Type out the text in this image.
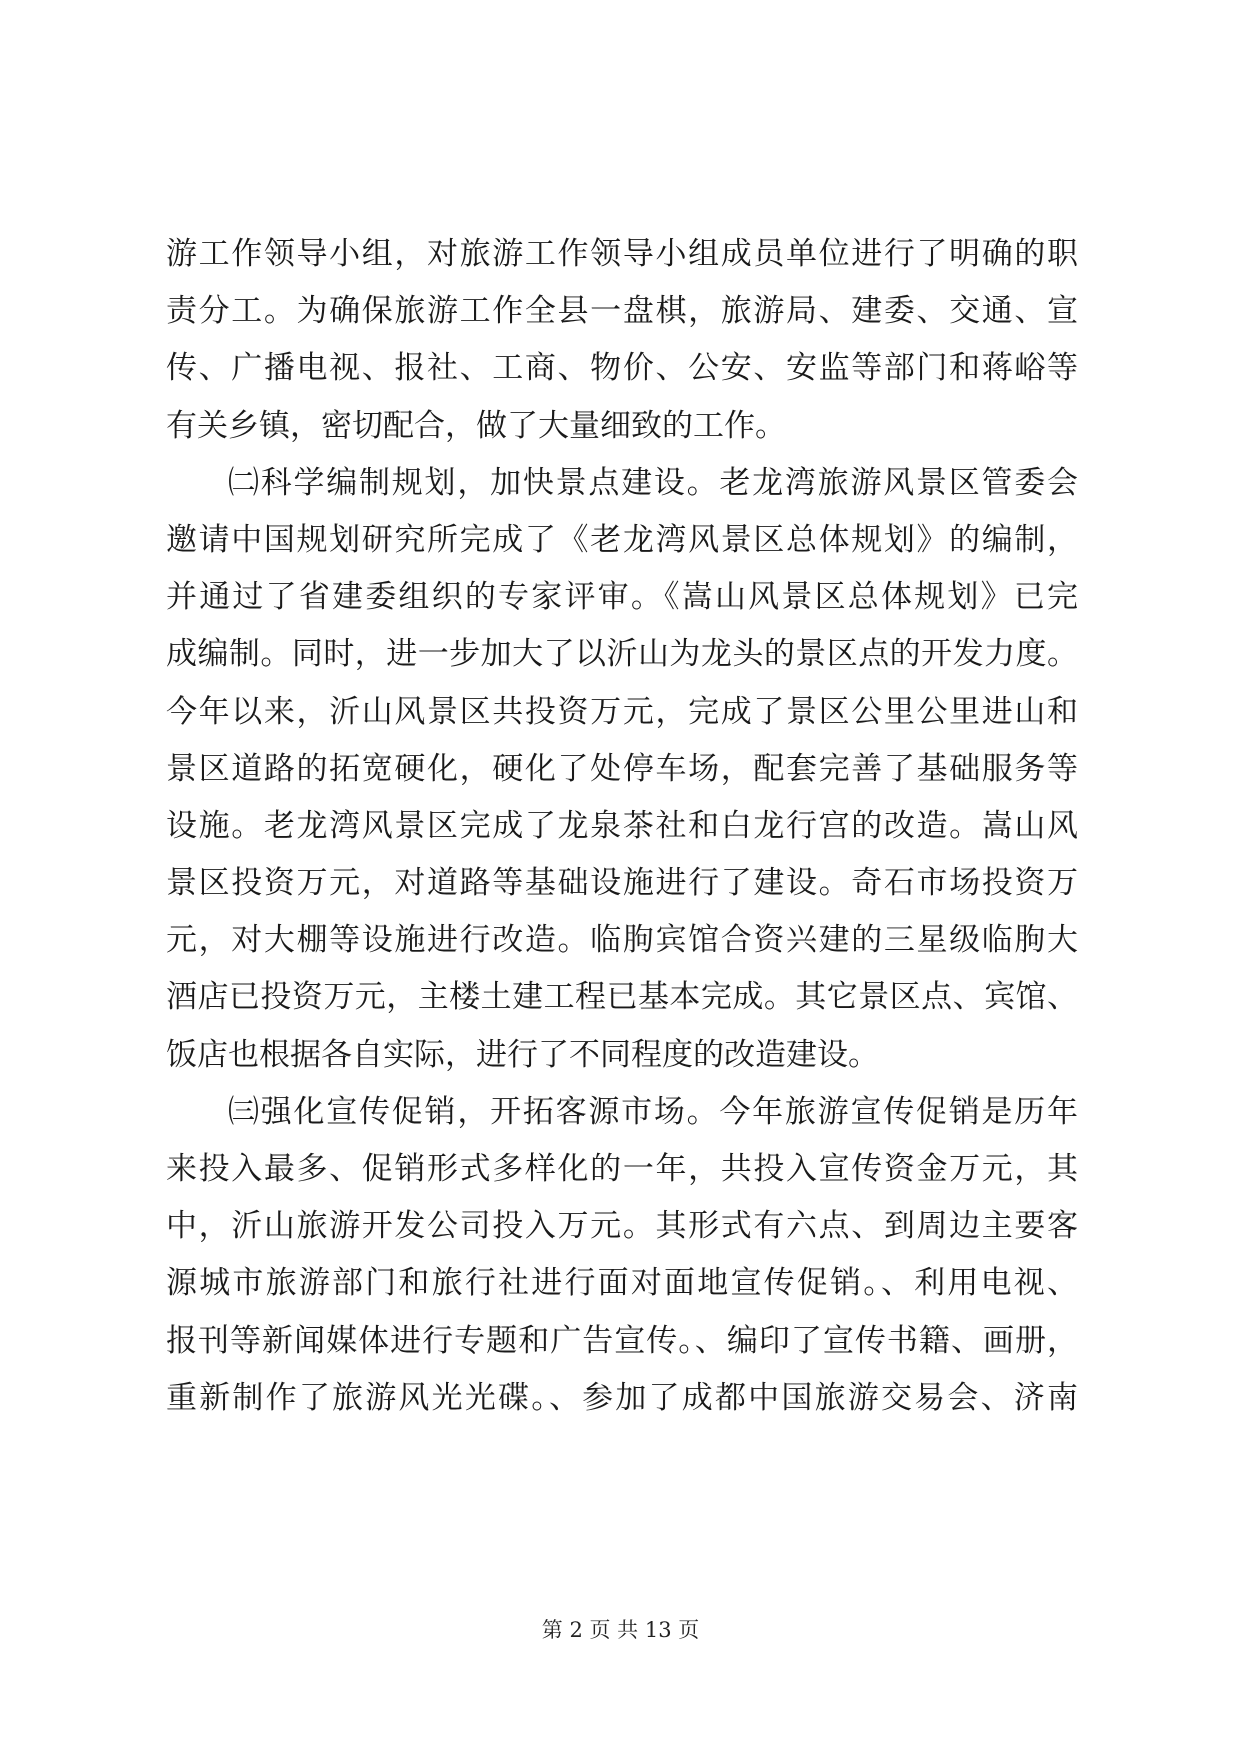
游工作领导小组，对旅游工作领导小组成员单位进行了明确的职
责分工。为确保旅游工作全县一盘棋，旅游局、建委、交通、宣
传、广播电视、报社、工商、物价、公安、安监等部门和蒋峪等
有关乡镇，密切配合，做了大量细致的工作。
㈡科学编制规划，加快景点建设。老龙湾旅游风景区管委会
邀请中国规划研究所完成了《老龙湾风景区总体规划》的编制，
并通过了省建委组织的专家评审。《嵩山风景区总体规划》已完
成编制。同时，进一步加大了以沂山为龙头的景区点的开发力度。
今年以来，沂山风景区共投资万元，完成了景区公里公里进山和
景区道路的拓宽硬化，硬化了处停车场，配套完善了基础服务等
设施。老龙湾风景区完成了龙泉茶社和白龙行宫的改造。嵩山风
景区投资万元，对道路等基础设施进行了建设。奇石市场投资万
元，对大棚等设施进行改造。临朐宾馆合资兴建的三星级临朐大
酒店已投资万元，主楼土建工程已基本完成。其它景区点、宾馆、
饭店也根据各自实际，进行了不同程度的改造建设。
㈢强化宣传促销，开拓客源市场。今年旅游宣传促销是历年
来投入最多、促销形式多样化的一年，共投入宣传资金万元，其
中，沂山旅游开发公司投入万元。其形式有六点、到周边主要客
源城市旅游部门和旅行社进行面对面地宣传促销。、利用电视、
报刊等新闻媒体进行专题和广告宣传。、编印了宣传书籍、画册，
重新制作了旅游风光光碟。、参加了成都中国旅游交易会、济南
第 2 页 共 13 页
